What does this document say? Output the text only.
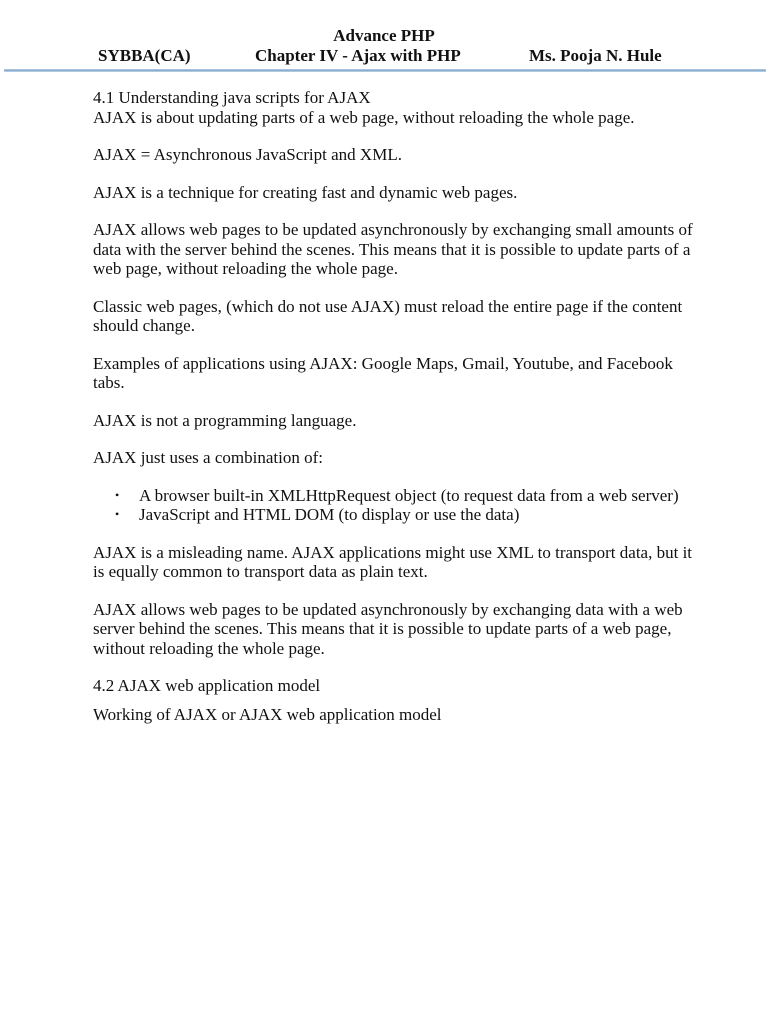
Advance PHP
SYBBA(CA)	Chapter IV - Ajax with PHP	Ms. Pooja N. Hule

4.1 Understanding java scripts for AJAX

AJAX is about updating parts of a web page, without reloading the whole page.

AJAX = Asynchronous JavaScript and XML.

AJAX is a technique for creating fast and dynamic web pages.

AJAX allows web pages to be updated asynchronously by exchanging small amounts of data with the server behind the scenes. This means that it is possible to update parts of a web page, without reloading the whole page.

Classic web pages, (which do not use AJAX) must reload the entire page if the content should change.

Examples of applications using AJAX: Google Maps, Gmail, Youtube, and Facebook tabs.

AJAX is not a programming language.

AJAX just uses a combination of:

• A browser built-in XMLHttpRequest object (to request data from a web server)
• JavaScript and HTML DOM (to display or use the data)

AJAX is a misleading name. AJAX applications might use XML to transport data, but it is equally common to transport data as plain text.

AJAX allows web pages to be updated asynchronously by exchanging data with a web server behind the scenes. This means that it is possible to update parts of a web page, without reloading the whole page.

4.2 AJAX web application model

Working of AJAX or AJAX web application model
